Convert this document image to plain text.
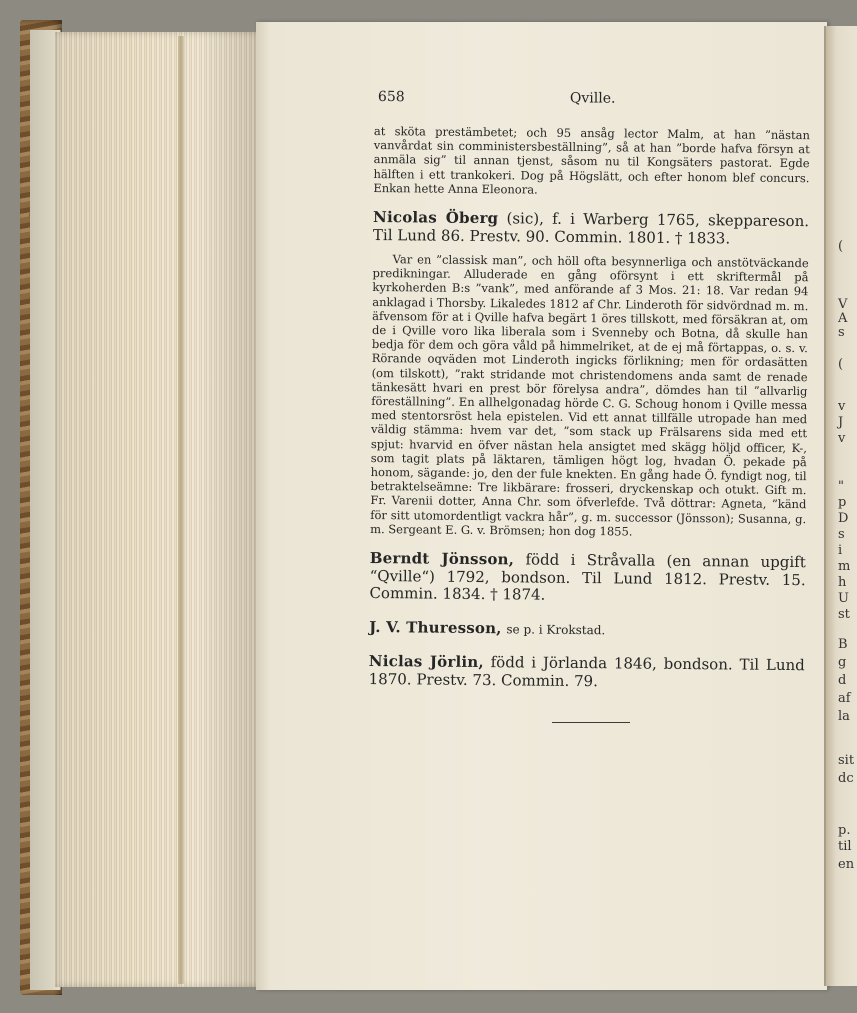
(
V
A
s
(
v
J
v
"
p
D
s
i
m
h
U
st
B
g
d
af
la
sit
dc
p.
til
en
658	Qville.

at sköta prestämbetet; och 95 ansåg lector Malm, at han ”nästan vanvårdat sin comministersbeställning”, så at han ”borde hafva försyn at anmäla sig” til annan tjenst, såsom nu til Kongsäters pastorat. Egde hälften i ett trankokeri. Dog på Högslätt, och efter honom blef concurs. Enkan hette Anna Eleonora.

Nicolas Öberg (sic), f. i Warberg 1765, skeppareson. Til Lund 86. Prestv. 90. Commin. 1801. † 1833.

Var en ”classisk man”, och höll ofta besynnerliga och anstötväckande predikningar. Alluderade en gång oförsynt i ett skriftermål på kyrkoherden B:s ”vank”, med anförande af 3 Mos. 21: 18. Var redan 94 anklagad i Thorsby. Likaledes 1812 af Chr. Linderoth för sidvördnad m. m. äfvensom för at i Qville hafva begärt 1 öres tillskott, med försäkran at, om de i Qville voro lika liberala som i Svenneby och Botna, då skulle han bedja för dem och göra våld på himmelriket, at de ej må förtappas, o. s. v. Rörande oqväden mot Linderoth ingicks förlikning; men för ordasätten (om tilskott), ”rakt stridande mot christendomens anda samt de renade tänkesätt hvari en prest bör förelysa andra”, dömdes han til ”allvarlig föreställning”. En allhelgonadag hörde C. G. Schoug honom i Qville messa med stentorsröst hela epistelen. Vid ett annat tillfälle utropade han med väldig stämma: hvem var det, ”som stack up Frälsarens sida med ett spjut: hvarvid en öfver nästan hela ansigtet med skägg höljd officer, K-, som tagit plats på läktaren, tämligen högt log, hvadan Ö. pekade på honom, sägande: jo, den der fule knekten. En gång hade Ö. fyndigt nog, til betraktelseämne: Tre likbärare: frosseri, dryckenskap och otukt. Gift m. Fr. Varenii dotter, Anna Chr. som öfverlefde. Två döttrar: Agneta, ”känd för sitt utomordentligt vackra hår”, g. m. successor (Jönsson); Susanna, g. m. Sergeant E. G. v. Brömsen; hon dog 1855.

Berndt Jönsson, född i Stråvalla (en annan upgift “Qville“) 1792, bondson. Til Lund 1812. Prestv. 15. Commin. 1834. † 1874.

J. V. Thuresson, se p. i Krokstad.

Niclas Jörlin, född i Jörlanda 1846, bondson. Til Lund 1870. Prestv. 73. Commin. 79.
